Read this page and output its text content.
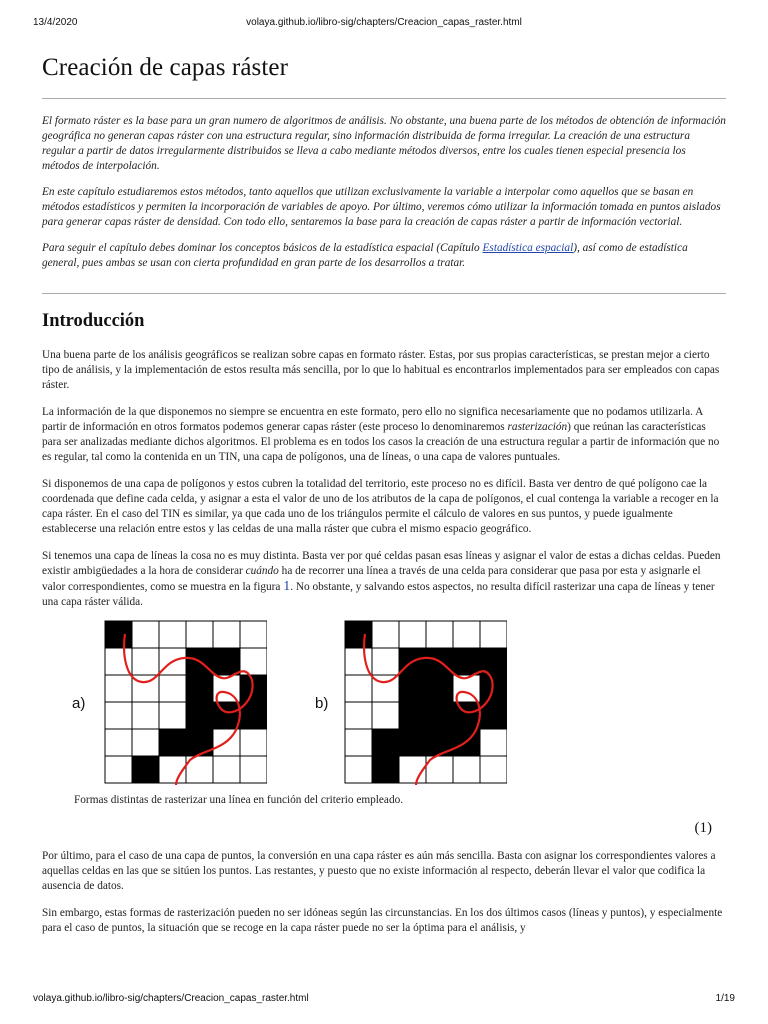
13/4/2020	volaya.github.io/libro-sig/chapters/Creacion_capas_raster.html
Creación de capas ráster

El formato ráster es la base para un gran numero de algoritmos de análisis. No obstante, una buena parte de los métodos de obtención de información geográfica no generan capas ráster con una estructura regular, sino información distribuida de forma irregular. La creación de una estructura regular a partir de datos irregularmente distribuidos se lleva a cabo mediante métodos diversos, entre los cuales tienen especial presencia los métodos de interpolación.

En este capítulo estudiaremos estos métodos, tanto aquellos que utilizan exclusivamente la variable a interpolar como aquellos que se basan en métodos estadísticos y permiten la incorporación de variables de apoyo. Por último, veremos cómo utilizar la información tomada en puntos aislados para generar capas ráster de densidad. Con todo ello, sentaremos la base para la creación de capas ráster a partir de información vectorial.

Para seguir el capítulo debes dominar los conceptos básicos de la estadística espacial (Capítulo Estadística espacial), así como de estadística general, pues ambas se usan con cierta profundidad en gran parte de los desarrollos a tratar.

Introducción

Una buena parte de los análisis geográficos se realizan sobre capas en formato ráster. Estas, por sus propias características, se prestan mejor a cierto tipo de análisis, y la implementación de estos resulta más sencilla, por lo que lo habitual es encontrarlos implementados para ser empleados con capas ráster.

La información de la que disponemos no siempre se encuentra en este formato, pero ello no significa necesariamente que no podamos utilizarla. A partir de información en otros formatos podemos generar capas ráster (este proceso lo denominaremos rasterización) que reúnan las características para ser analizadas mediante dichos algoritmos. El problema es en todos los casos la creación de una estructura regular a partir de información que no es regular, tal como la contenida en un TIN, una capa de polígonos, una de líneas, o una capa de valores puntuales.

Si disponemos de una capa de polígonos y estos cubren la totalidad del territorio, este proceso no es difícil. Basta ver dentro de qué polígono cae la coordenada que define cada celda, y asignar a esta el valor de uno de los atributos de la capa de polígonos, el cual contenga la variable a recoger en la capa ráster. En el caso del TIN es similar, ya que cada uno de los triángulos permite el cálculo de valores en sus puntos, y puede igualmente establecerse una relación entre estos y las celdas de una malla ráster que cubra el mismo espacio geográfico.

Si tenemos una capa de líneas la cosa no es muy distinta. Basta ver por qué celdas pasan esas líneas y asignar el valor de estas a dichas celdas. Pueden existir ambigüedades a la hora de considerar cuándo ha de recorrer una línea a través de una celda para considerar que pasa por esta y asignarle el valor correspondientes, como se muestra en la figura 1. No obstante, y salvando estos aspectos, no resulta difícil rasterizar una capa de líneas y tener una capa ráster válida.

a)	b)
Formas distintas de rasterizar una línea en función del criterio empleado.
(1)

Por último, para el caso de una capa de puntos, la conversión en una capa ráster es aún más sencilla. Basta con asignar los correspondientes valores a aquellas celdas en las que se sitúen los puntos. Las restantes, y puesto que no existe información al respecto, deberán llevar el valor que codifica la ausencia de datos.

Sin embargo, estas formas de rasterización pueden no ser idóneas según las circunstancias. En los dos últimos casos (líneas y puntos), y especialmente para el caso de puntos, la situación que se recoge en la capa ráster puede no ser la óptima para el análisis, y

volaya.github.io/libro-sig/chapters/Creacion_capas_raster.html	1/19
